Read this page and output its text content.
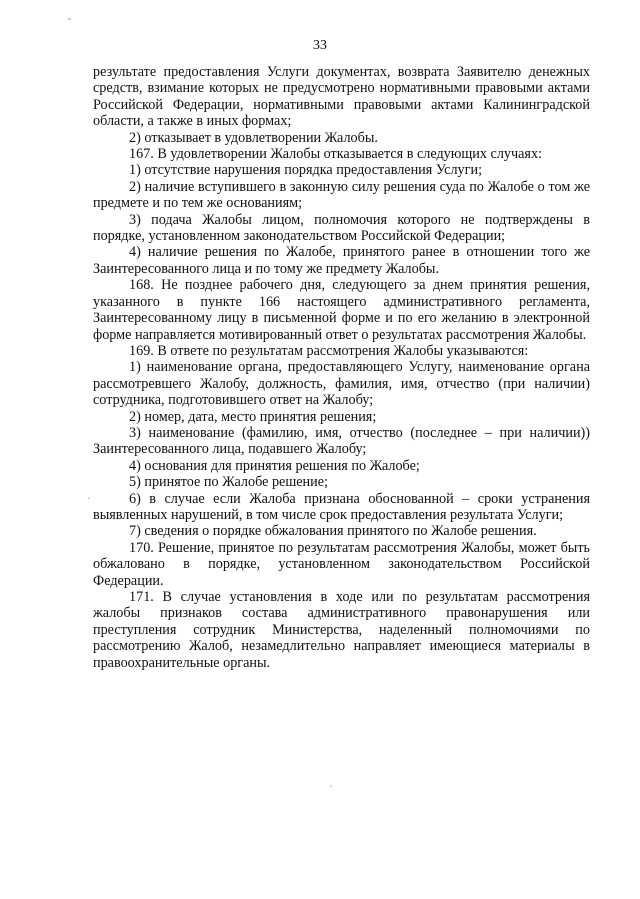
33

результате предоставления Услуги документах, возврата Заявителю денежных средств, взимание которых не предусмотрено нормативными правовыми актами Российской Федерации, нормативными правовыми актами Калининградской области, а также в иных формах;

2) отказывает в удовлетворении Жалобы.

167. В удовлетворении Жалобы отказывается в следующих случаях:

1) отсутствие нарушения порядка предоставления Услуги;

2) наличие вступившего в законную силу решения суда по Жалобе о том же предмете и по тем же основаниям;

3) подача Жалобы лицом, полномочия которого не подтверждены в порядке, установленном законодательством Российской Федерации;

4) наличие решения по Жалобе, принятого ранее в отношении того же Заинтересованного лица и по тому же предмету Жалобы.

168. Не позднее рабочего дня, следующего за днем принятия решения, указанного в пункте 166 настоящего административного регламента, Заинтересованному лицу в письменной форме и по его желанию в электронной форме направляется мотивированный ответ о результатах рассмотрения Жалобы.

169. В ответе по результатам рассмотрения Жалобы указываются:

1) наименование органа, предоставляющего Услугу, наименование органа рассмотревшего Жалобу, должность, фамилия, имя, отчество (при наличии) сотрудника, подготовившего ответ на Жалобу;

2) номер, дата, место принятия решения;

3) наименование (фамилию, имя, отчество (последнее – при наличии)) Заинтересованного лица, подавшего Жалобу;

4) основания для принятия решения по Жалобе;

5) принятое по Жалобе решение;

6) в случае если Жалоба признана обоснованной – сроки устранения выявленных нарушений, в том числе срок предоставления результата Услуги;

7) сведения о порядке обжалования принятого по Жалобе решения.

170. Решение, принятое по результатам рассмотрения Жалобы, может быть обжаловано в порядке, установленном законодательством Российской Федерации.

171. В случае установления в ходе или по результатам рассмотрения жалобы признаков состава административного правонарушения или преступления сотрудник Министерства, наделенный полномочиями по рассмотрению Жалоб, незамедлительно направляет имеющиеся материалы в правоохранительные органы.
